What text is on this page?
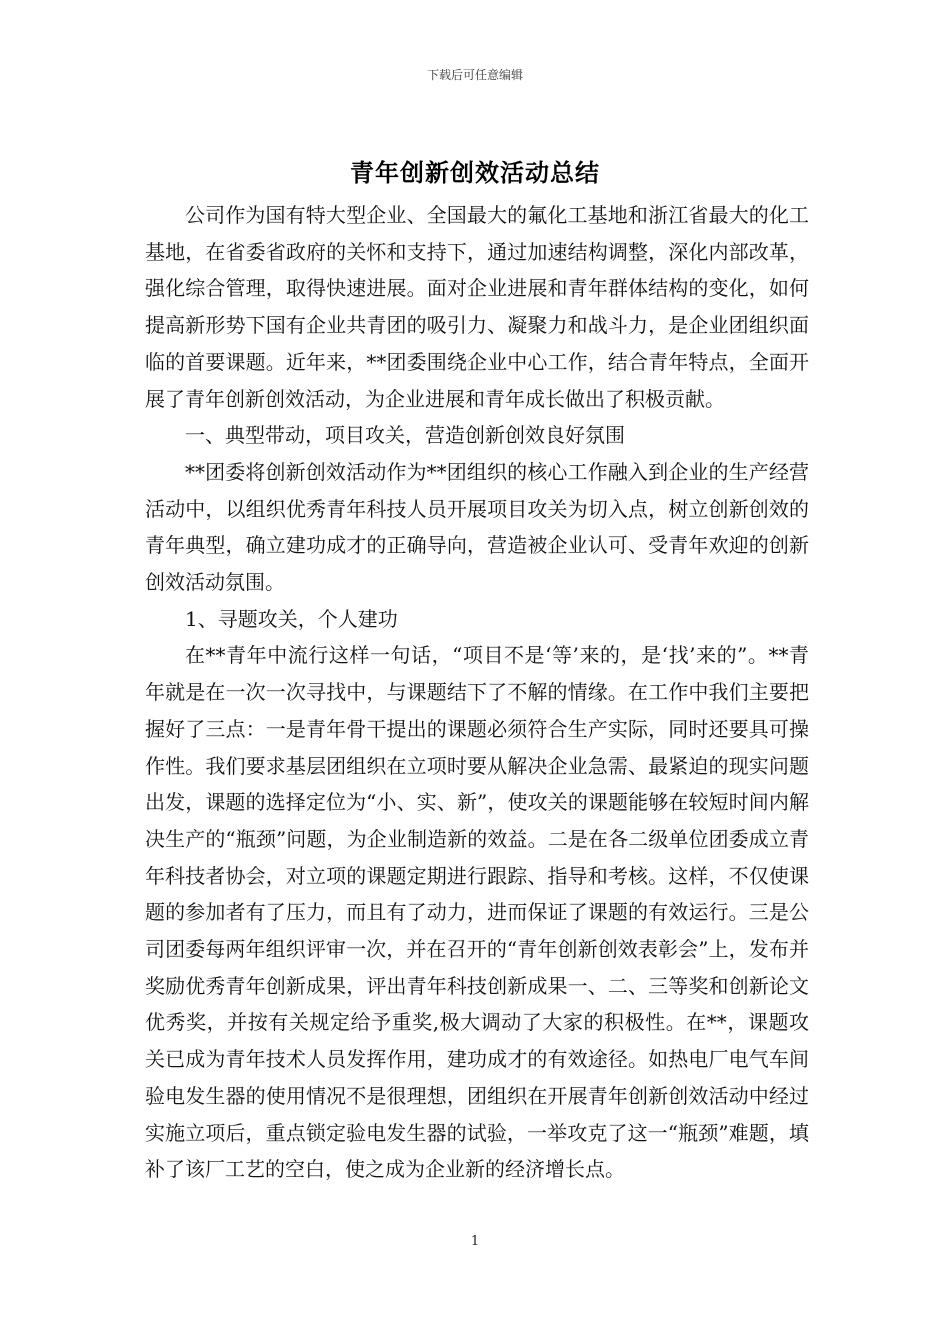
下载后可任意编辑
青年创新创效活动总结

公司作为国有特大型企业、全国最大的氟化工基地和浙江省最大的化工基地，在省委省政府的关怀和支持下，通过加速结构调整，深化内部改革，强化综合管理，取得快速进展。面对企业进展和青年群体结构的变化，如何提高新形势下国有企业共青团的吸引力、凝聚力和战斗力，是企业团组织面临的首要课题。近年来，**团委围绕企业中心工作，结合青年特点，全面开展了青年创新创效活动，为企业进展和青年成长做出了积极贡献。

一、典型带动，项目攻关，营造创新创效良好氛围

**团委将创新创效活动作为**团组织的核心工作融入到企业的生产经营活动中，以组织优秀青年科技人员开展项目攻关为切入点，树立创新创效的青年典型，确立建功成才的正确导向，营造被企业认可、受青年欢迎的创新创效活动氛围。

1、寻题攻关，个人建功

在**青年中流行这样一句话，“项目不是‘等’来的，是‘找’来的”。**青年就是在一次一次寻找中，与课题结下了不解的情缘。在工作中我们主要把握好了三点：一是青年骨干提出的课题必须符合生产实际，同时还要具可操作性。我们要求基层团组织在立项时要从解决企业急需、最紧迫的现实问题出发，课题的选择定位为“小、实、新”，使攻关的课题能够在较短时间内解决生产的“瓶颈”问题，为企业制造新的效益。二是在各二级单位团委成立青年科技者协会，对立项的课题定期进行跟踪、指导和考核。这样，不仅使课题的参加者有了压力，而且有了动力，进而保证了课题的有效运行。三是公司团委每两年组织评审一次，并在召开的“青年创新创效表彰会”上，发布并奖励优秀青年创新成果，评出青年科技创新成果一、二、三等奖和创新论文优秀奖，并按有关规定给予重奖,极大调动了大家的积极性。在**，课题攻关已成为青年技术人员发挥作用，建功成才的有效途径。如热电厂电气车间验电发生器的使用情况不是很理想，团组织在开展青年创新创效活动中经过实施立项后，重点锁定验电发生器的试验，一举攻克了这一“瓶颈”难题，填补了该厂工艺的空白，使之成为企业新的经济增长点。

1
